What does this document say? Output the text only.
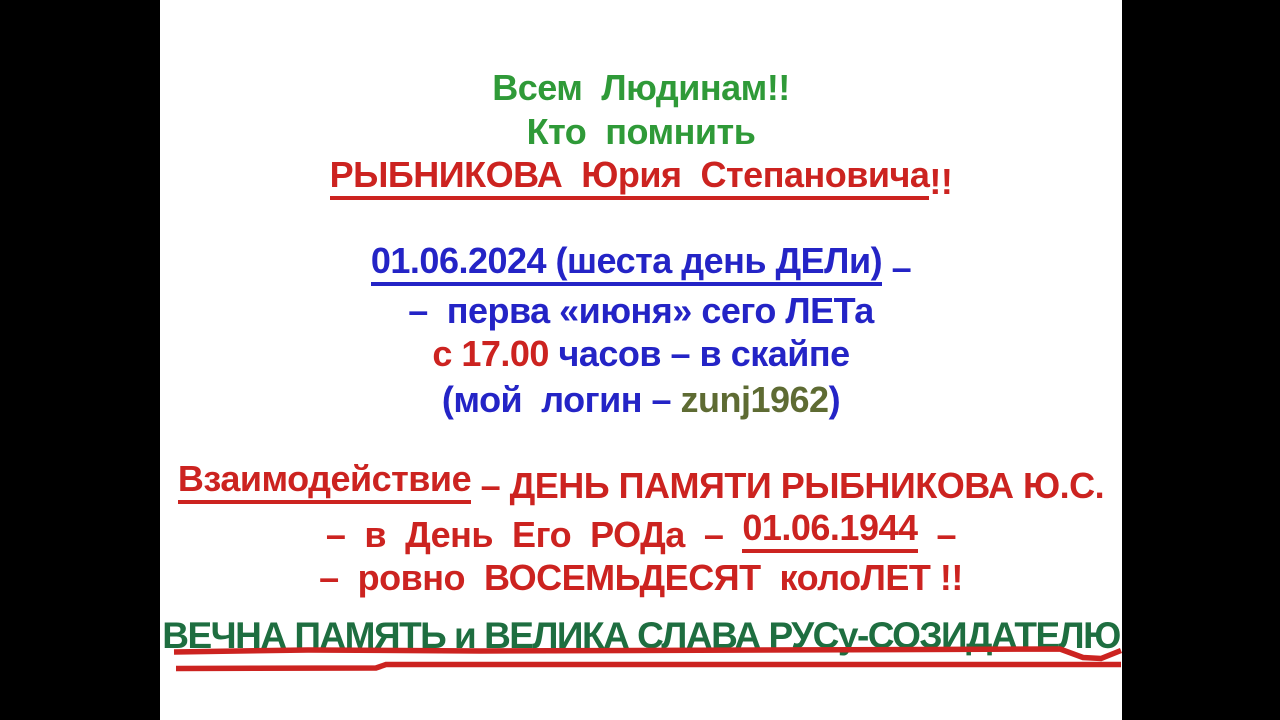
Всем  Людинам!!
Кто  помнить
РЫБНИКОВА  Юрия  Степановича !!
01.06.2024 (шеста день ДЕЛи) –
–  перва «июня» сего ЛЕТа
с 17.00 часов – в скайпе
(мой  логин – zunj1962 )
Взаимодействие – ДЕНЬ ПАМЯТИ РЫБНИКОВА Ю.С.
–  в  День  Его  РОДа  – 01.06.1944 –
–  ровно  ВОСЕМЬДЕСЯТ  колоЛЕТ !!
ВЕЧНА ПАМЯТЬ и ВЕЛИКА СЛАВА РУСу-СОЗИДАТЕЛЮ
